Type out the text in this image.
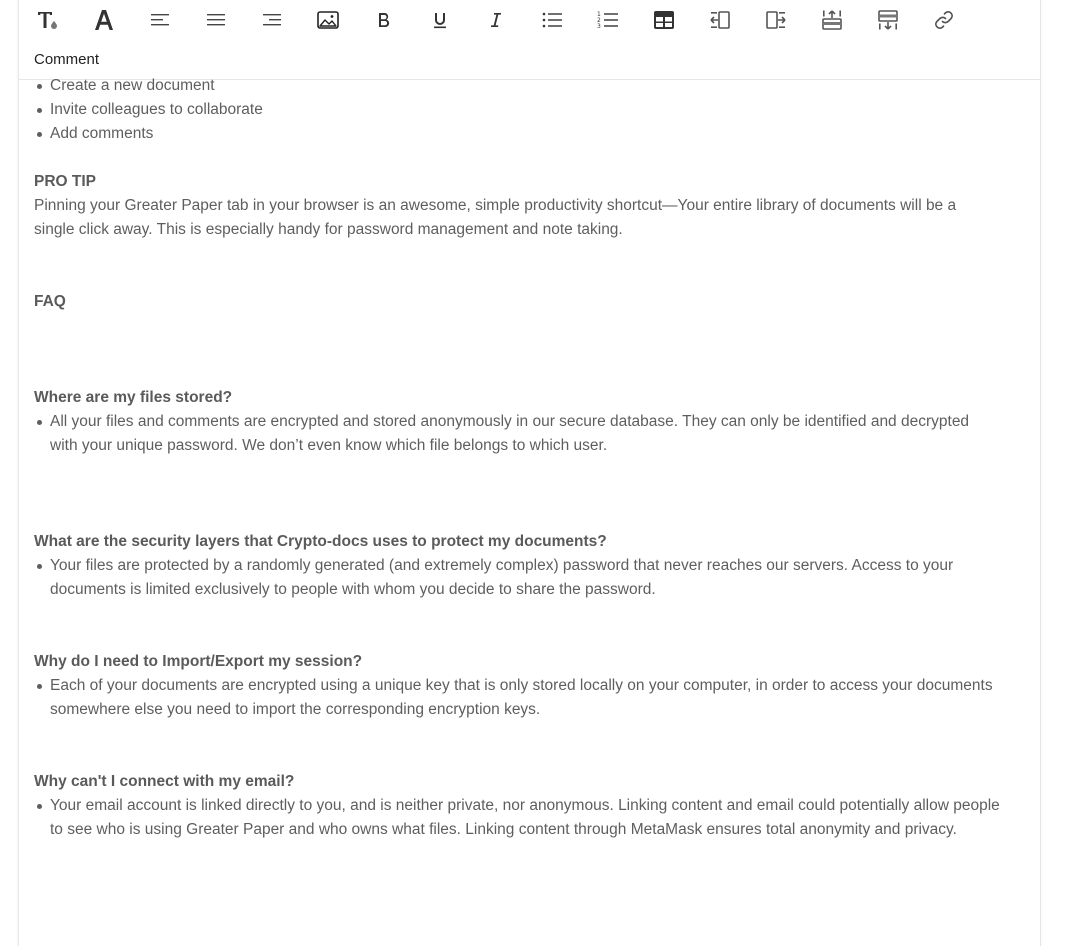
1
2
3
Comment
Create a new document
Invite colleagues to collaborate
Add comments

PRO TIP

Pinning your Greater Paper tab in your browser is an awesome, simple productivity shortcut—Your entire library of documents will be a single click away. This is especially handy for password management and note taking.

FAQ

Where are my files stored?

All your files and comments are encrypted and stored anonymously in our secure database. They can only be identified and decrypted with your unique password. We don’t even know which file belongs to which user.

What are the security layers that Crypto-docs uses to protect my documents?

Your files are protected by a randomly generated (and extremely complex) password that never reaches our servers. Access to your documents is limited exclusively to people with whom you decide to share the password.

Why do I need to Import/Export my session?

Each of your documents are encrypted using a unique key that is only stored locally on your computer, in order to access your documents somewhere else you need to import the corresponding encryption keys.

Why can't I connect with my email?

Your email account is linked directly to you, and is neither private, nor anonymous. Linking content and email could potentially allow people to see who is using Greater Paper and who owns what files. Linking content through MetaMask ensures total anonymity and privacy.
